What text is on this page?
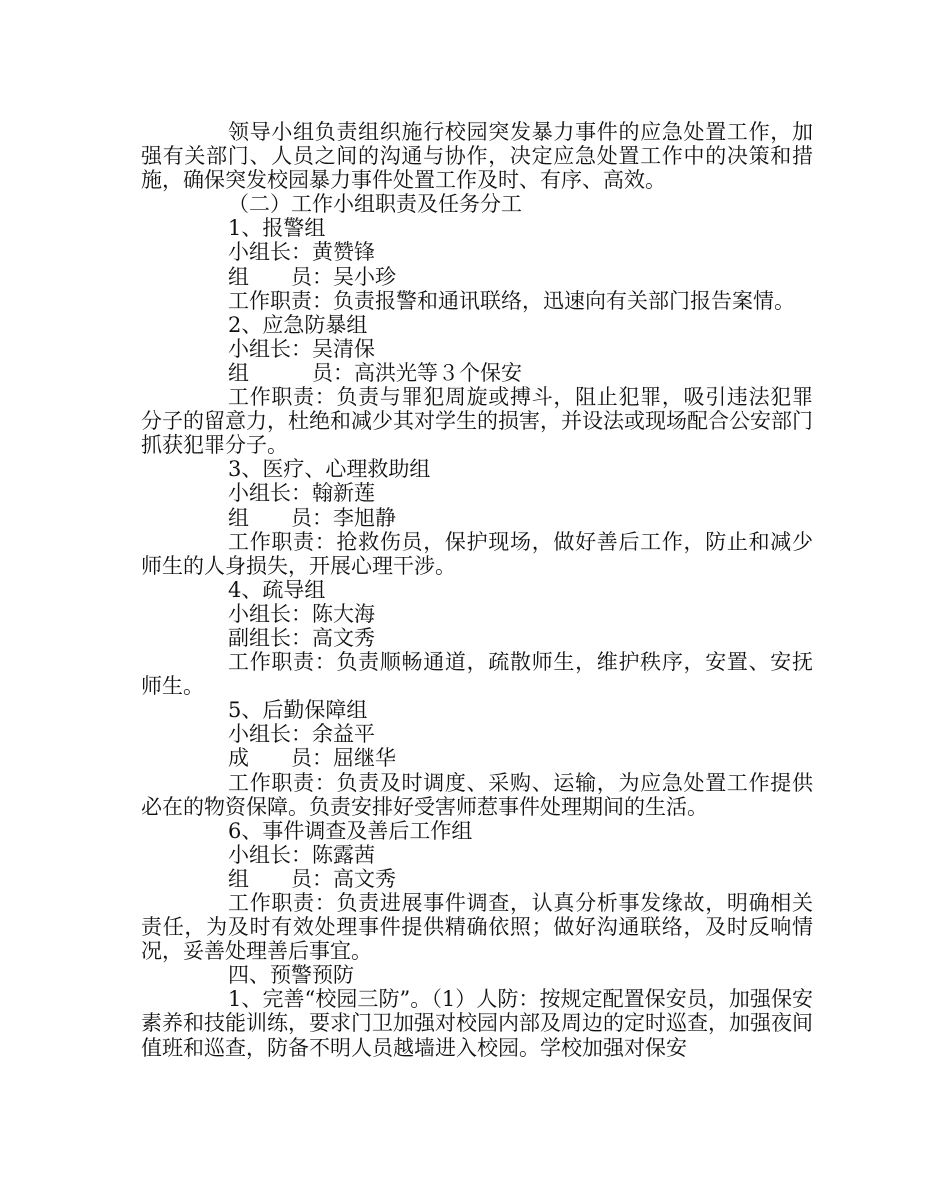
领导小组负责组织施行校园突发暴力事件的应急处置工作，加强有关部门、人员之间的沟通与协作，决定应急处置工作中的决策和措施，确保突发校园暴力事件处置工作及时、有序、高效。

（二）工作小组职责及任务分工

1、报警组

小组长：黄赞锋

组　　员：吴小珍

工作职责：负责报警和通讯联络，迅速向有关部门报告案情。

2、应急防暴组

小组长：吴清保

组　　　员：高洪光等３个保安

工作职责：负责与罪犯周旋或搏斗，阻止犯罪，吸引违法犯罪分子的留意力，杜绝和减少其对学生的损害，并设法或现场配合公安部门抓获犯罪分子。

3、医疗、心理救助组

小组长：翰新莲

组　　员：李旭静

工作职责：抢救伤员，保护现场，做好善后工作，防止和减少师生的人身损失，开展心理干涉。

4、疏导组

小组长：陈大海

副组长：高文秀

工作职责：负责顺畅通道，疏散师生，维护秩序，安置、安抚师生。

5、后勤保障组

小组长：余益平

成　　员：屈继华

工作职责：负责及时调度、采购、运输，为应急处置工作提供必在的物资保障。负责安排好受害师惹事件处理期间的生活。

6、事件调查及善后工作组

小组长：陈露茜

组　　员：高文秀

工作职责：负责进展事件调查，认真分析事发缘故，明确相关责任，为及时有效处理事件提供精确依照；做好沟通联络，及时反响情况，妥善处理善后事宜。

四、预警预防

1、完善“校园三防”。（1）人防：按规定配置保安员，加强保安素养和技能训练，要求门卫加强对校园内部及周边的定时巡查，加强夜间值班和巡查，防备不明人员越墙进入校园。学校加强对保安
